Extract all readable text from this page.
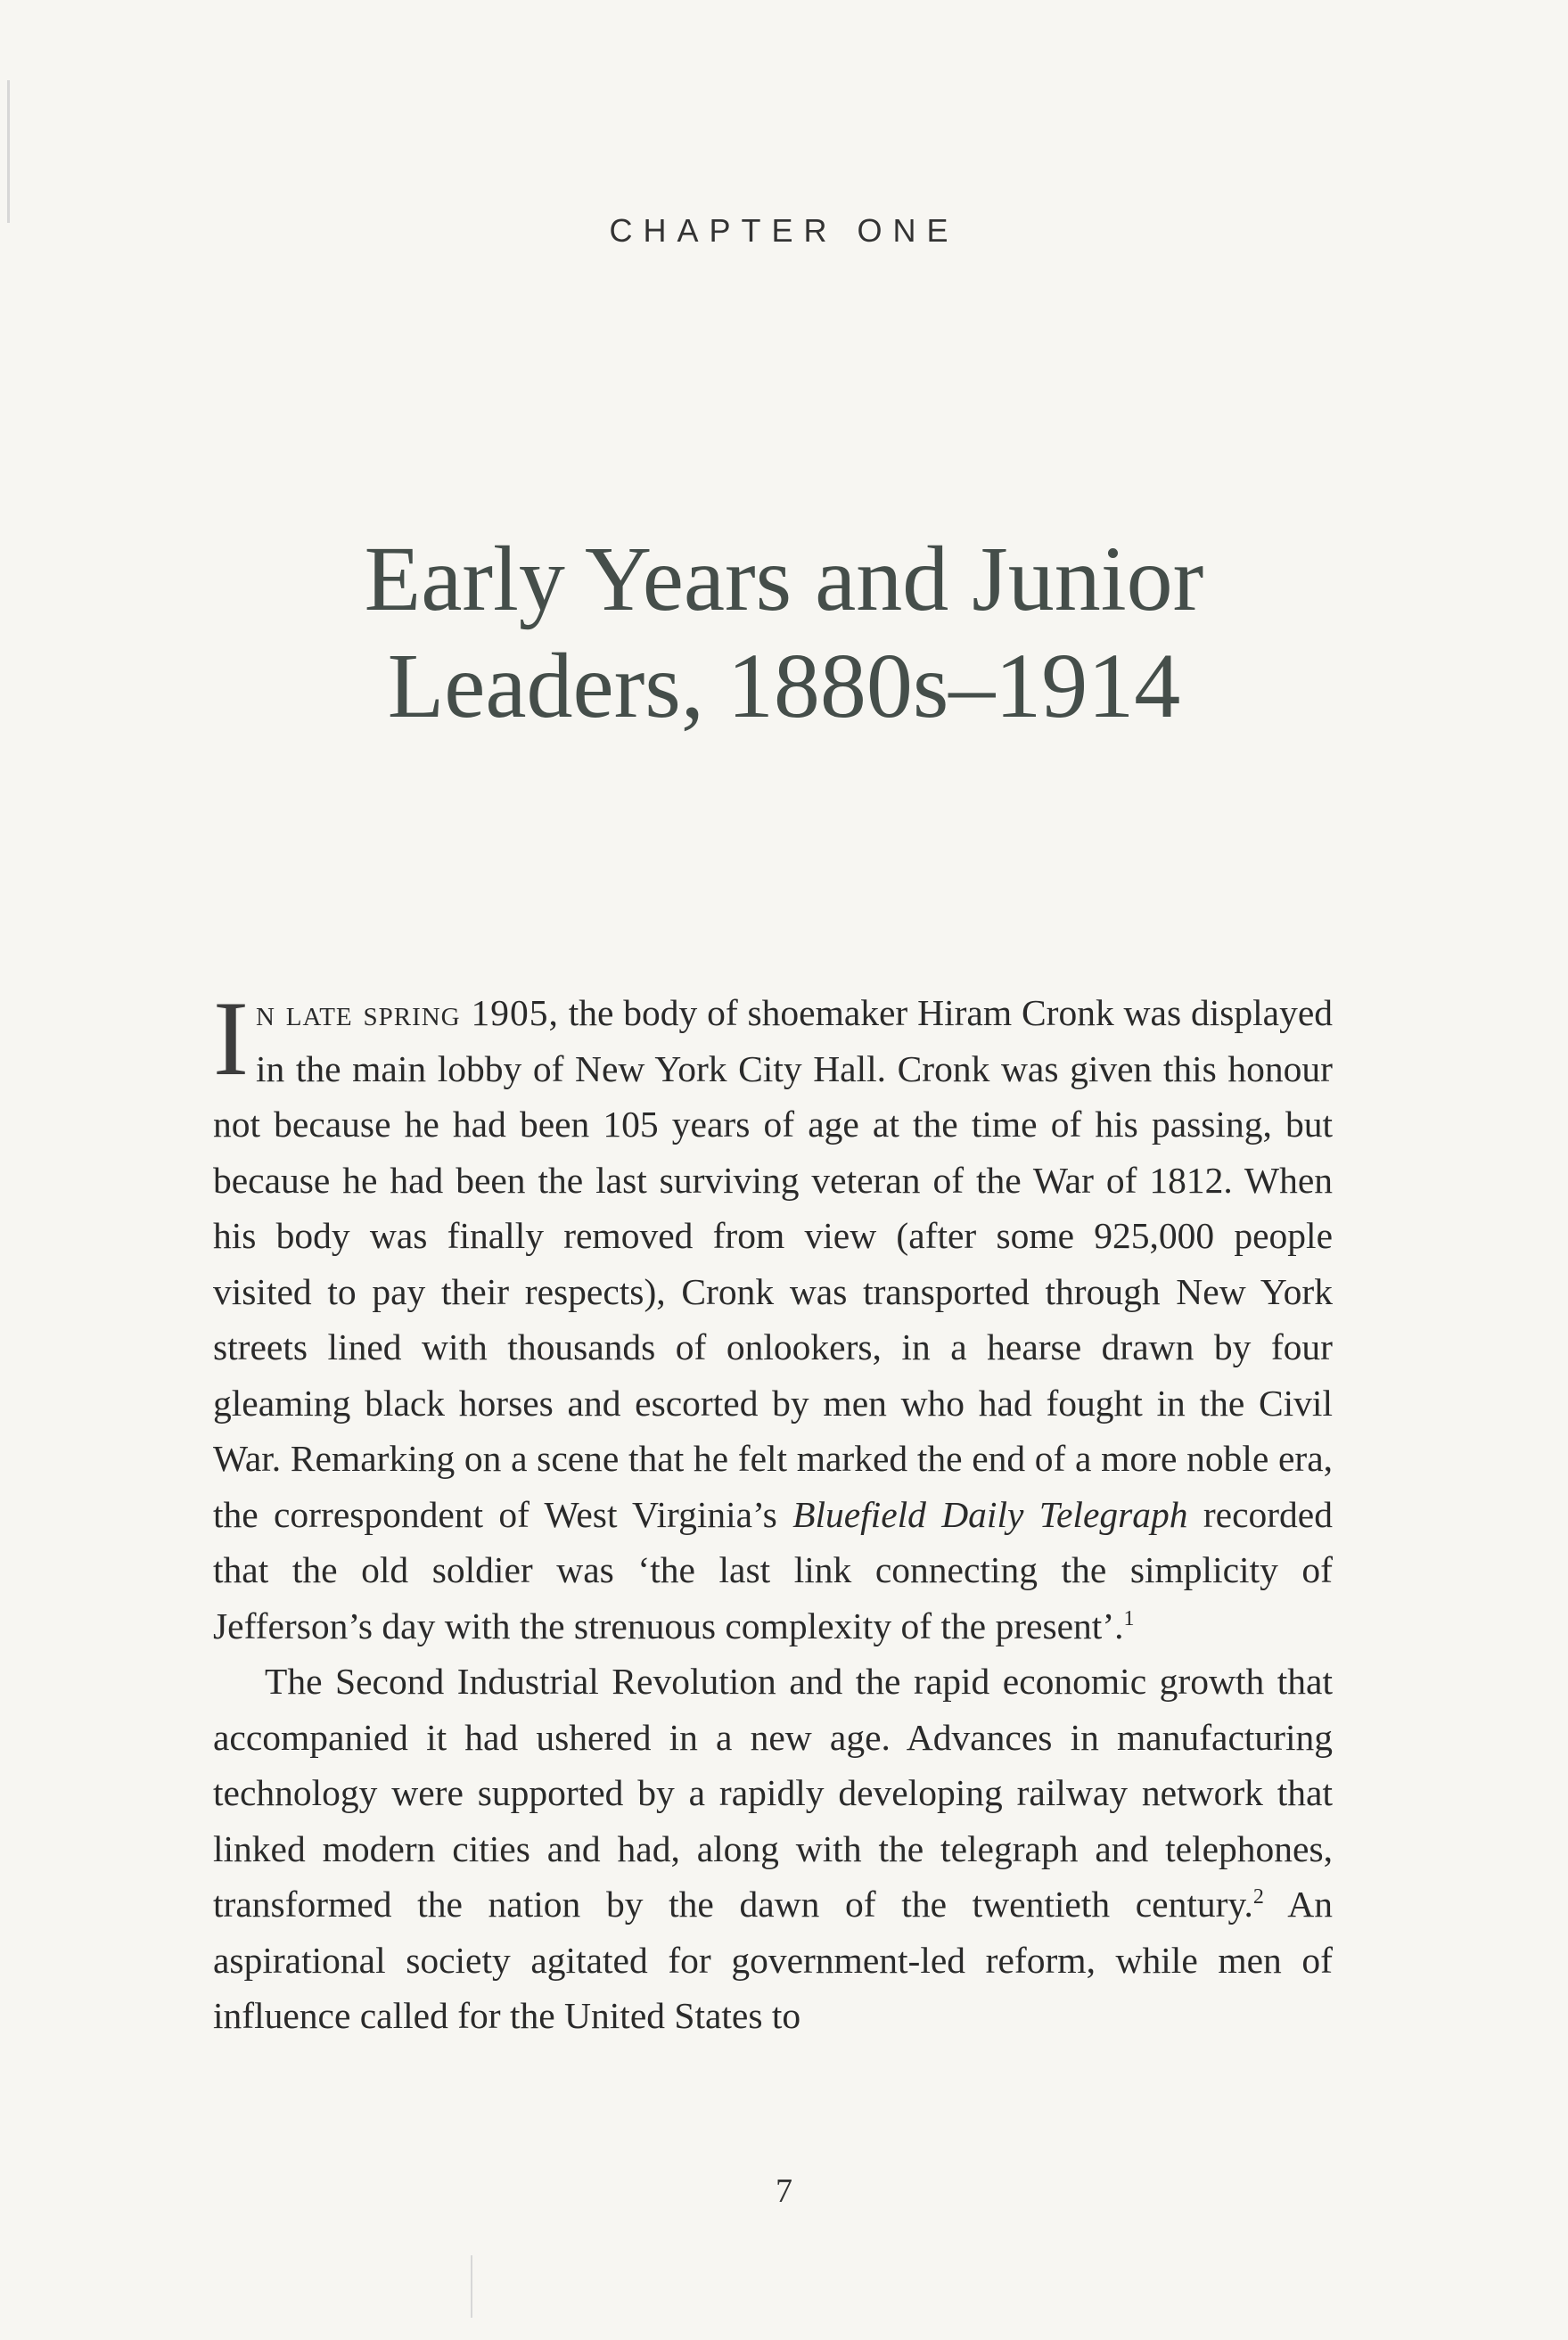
CHAPTER ONE
Early Years and Junior
Leaders, 1880s–1914

In late spring 1905, the body of shoemaker Hiram Cronk was displayed in the main lobby of New York City Hall. Cronk was given this honour not because he had been 105 years of age at the time of his passing, but because he had been the last surviving veteran of the War of 1812. When his body was finally removed from view (after some 925,000 people visited to pay their respects), Cronk was transported through New York streets lined with thousands of onlookers, in a hearse drawn by four gleaming black horses and escorted by men who had fought in the Civil War. Remarking on a scene that he felt marked the end of a more noble era, the correspondent of West Virginia’s Bluefield Daily Telegraph recorded that the old soldier was ‘the last link connecting the simplicity of Jefferson’s day with the strenuous complexity of the present’.$^1$

The Second Industrial Revolution and the rapid economic growth that accompanied it had ushered in a new age. Advances in manufacturing technology were supported by a rapidly developing railway network that linked modern cities and had, along with the telegraph and telephones, transformed the nation by the dawn of the twentieth century.$^2$ An aspirational society agitated for government-led reform, while men of influence called for the United States to

7
